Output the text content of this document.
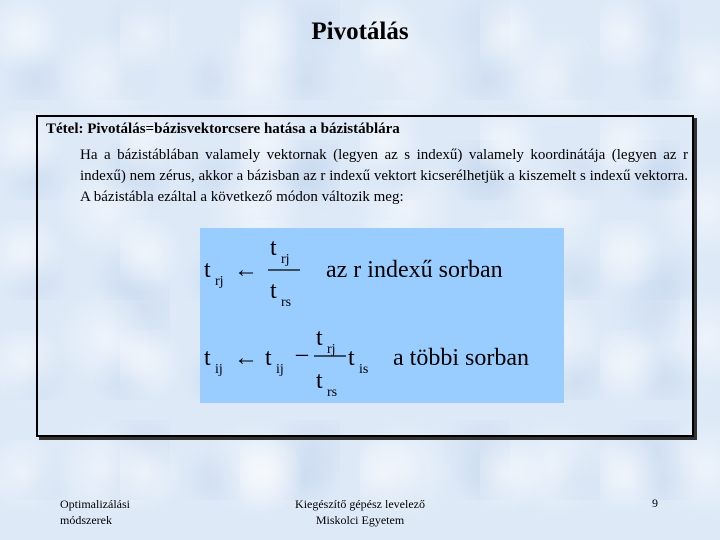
Pivotálás
Tétel: Pivotálás=bázisvektorcsere hatása a bázistáblára
Ha a bázistáblában valamely vektornak (legyen az s indexű) valamely koordinátája (legyen az r indexű) nem zérus, akkor a bázisban az r indexű vektort kicserélhetjük a kiszemelt s indexű vektorra. A bázistábla ezáltal a következő módon változik meg:
t rj ←
t rj
t rs
az r indexű sorban
t ij ← t ij
–
t rj
t rs
t is a többi sorban
Optimalizálási
módszerek
Kiegészítő gépész levelező
Miskolci Egyetem
9
